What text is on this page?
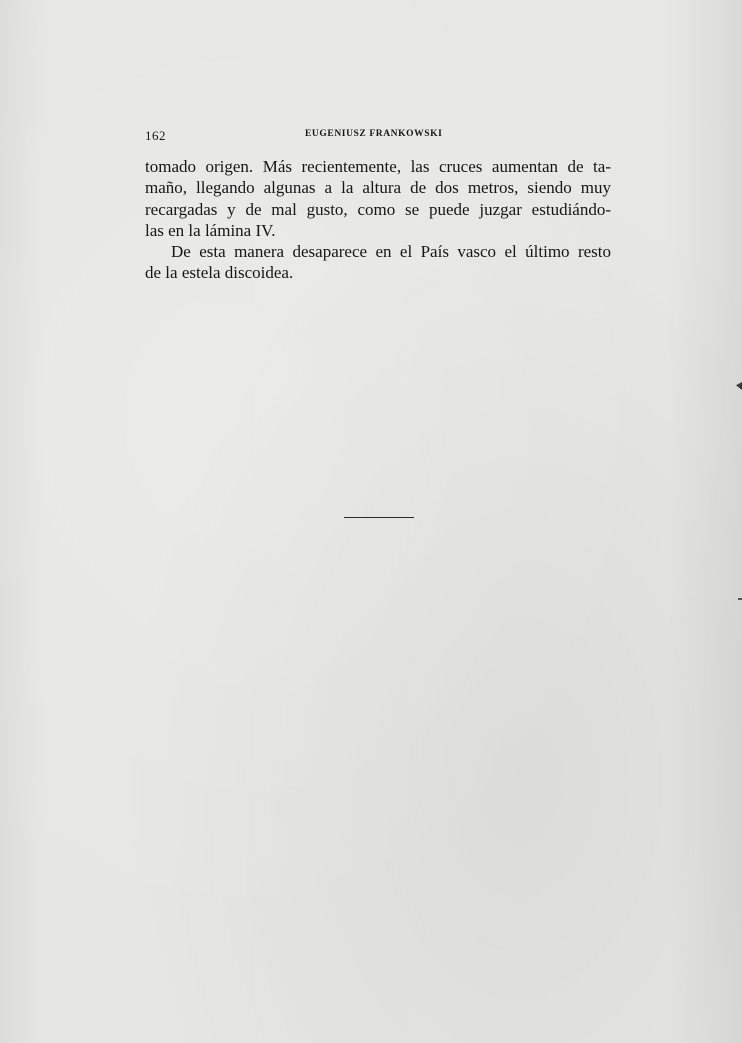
162	EUGENIUSZ FRANKOWSKI
tomado origen. Más recientemente, las cruces aumentan de ta-
maño, llegando algunas a la altura de dos metros, siendo muy
recargadas y de mal gusto, como se puede juzgar estudiándo-
las en la lámina IV.
De esta manera desaparece en el País vasco el último resto
de la estela discoidea.
